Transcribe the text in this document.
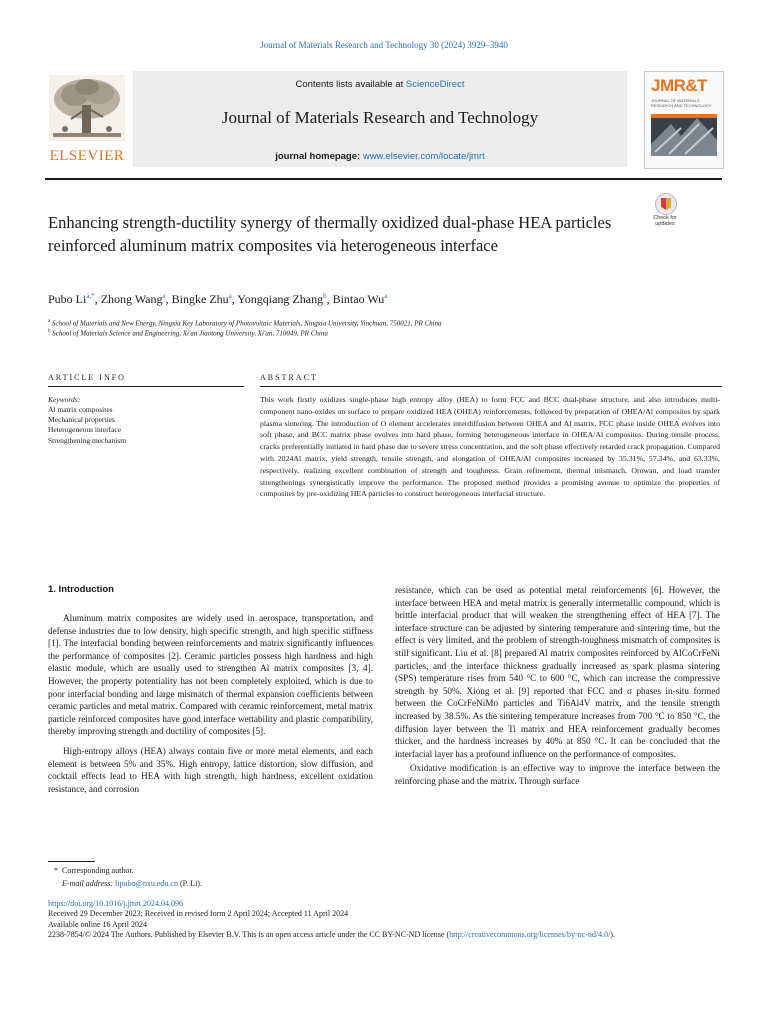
Journal of Materials Research and Technology 30 (2024) 3929–3940
ELSEVIER
Contents lists available at ScienceDirect
Journal of Materials Research and Technology
journal homepage: www.elsevier.com/locate/jmrt
JMR&T
JOURNAL OF MATERIALS RESEARCH AND TECHNOLOGY
Enhancing strength-ductility synergy of thermally oxidized dual-phase HEA particles reinforced aluminum matrix composites via heterogeneous interface
Check for updates
Pubo $Li^{a,*}$, Zhong Wang$^a$, Bingke Zhu$^a$, Yongqiang Zhang$^b$, Bintao Wu$^a$
$^a$ School of Materials and New Energy, Ningxia Key Laboratory of Photovoltaic Materials, Ningxia University, Yinchuan, 750021, PR China
$^b$ School of Materials Science and Engineering, Xi'an Jiaotong University, Xi'an, 710049, PR China
ARTICLE INFO
Keywords:
Al matrix composites
Mechanical properties
Heterogeneous interface
Strengthening mechanism
ABSTRACT
This work firstly oxidizes single-phase high entropy alloy (HEA) to form FCC and BCC dual-phase structure, and also introduces multi-component nano-oxides on surface to prepare oxidized HEA (OHEA) reinforcements, followed by preparation of OHEA/Al composites by spark plasma sintering. The introduction of O element accelerates interdiffusion between OHEA and Al matrix. FCC phase inside OHEA evolves into soft phase, and BCC matrix phase evolves into hard phase, forming heterogeneous interface in OHEA/Al composites. During tensile process, cracks preferentially initiated in hard phase due to severe stress concentration, and the soft phase effectively retarded crack propagation. Compared with 2024Al matrix, yield strength, tensile strength, and elongation of OHEA/Al composites increased by 35.31%, 57.34%, and 63.33%, respectively, realizing excellent combination of strength and toughness. Grain refinement, thermal mismatch, Orowan, and load transfer strengthenings synergistically improve the performance. The proposed method provides a promising avenue to optimize the properties of composites by pre-oxidizing HEA particles to construct heterogeneous interfacial structure.
1. Introduction

Aluminum matrix composites are widely used in aerospace, transportation, and defense industries due to low density, high specific strength, and high specific stiffness [1]. The interfacial bonding between reinforcements and matrix significantly influences the performance of composites [2]. Ceramic particles possess high hardness and high elastic module, which are usually used to strengthen Al matrix composites [3, 4]. However, the property potentiality has not been completely exploited, which is due to poor interfacial bonding and large mismatch of thermal expansion coefficients between ceramic particles and metal matrix. Compared with ceramic reinforcement, metal matrix particle reinforced composites have good interface wettability and plastic compatibility, thereby improving strength and ductility of composites [5].

High-entropy alloys (HEA) always contain five or more metal elements, and each element is between 5% and 35%. High entropy, lattice distortion, slow diffusion, and cocktail effects lead to HEA with high strength, high hardness, excellent oxidation resistance, and corrosion

resistance, which can be used as potential metal reinforcements [6]. However, the interface between HEA and metal matrix is generally intermetallic compound, which is brittle interfacial product that will weaken the strengthening effect of HEA [7]. The interface structure can be adjusted by sintering temperature and sintering time, but the effect is very limited, and the problem of strength-toughness mismatch of composites is still significant. Liu et al. [8] prepared Al matrix composites reinforced by AlCoCrFeNi particles, and the interface thickness gradually increased as spark plasma sintering (SPS) temperature rises from 540 °C to 600 °C, which can increase the compressive strength by 50%. Xiong et al. [9] reported that FCC and σ phases in-situ formed between the CoCrFeNiMo particles and Ti6Al4V matrix, and the tensile strength increased by 38.5%. As the sintering temperature increases from 700 °C to 850 °C, the diffusion layer between the Ti matrix and HEA reinforcement gradually becomes thicker, and the hardness increases by 40% at 850 °C. It can be concluded that the interfacial layer has a profound influence on the performance of composites.

Oxidative modification is an effective way to improve the interface between the reinforcing phase and the matrix. Through surface

* Corresponding author.
E-mail address: lipubo@nxu.edu.cn (P. Li).
https://doi.org/10.1016/j.jmrt.2024.04.096
Received 29 December 2023; Received in revised form 2 April 2024; Accepted 11 April 2024
Available online 16 April 2024
2238-7854/© 2024 The Authors. Published by Elsevier B.V. This is an open access article under the CC BY-NC-ND license (http://creativecommons.org/licenses/by-nc-nd/4.0/).
